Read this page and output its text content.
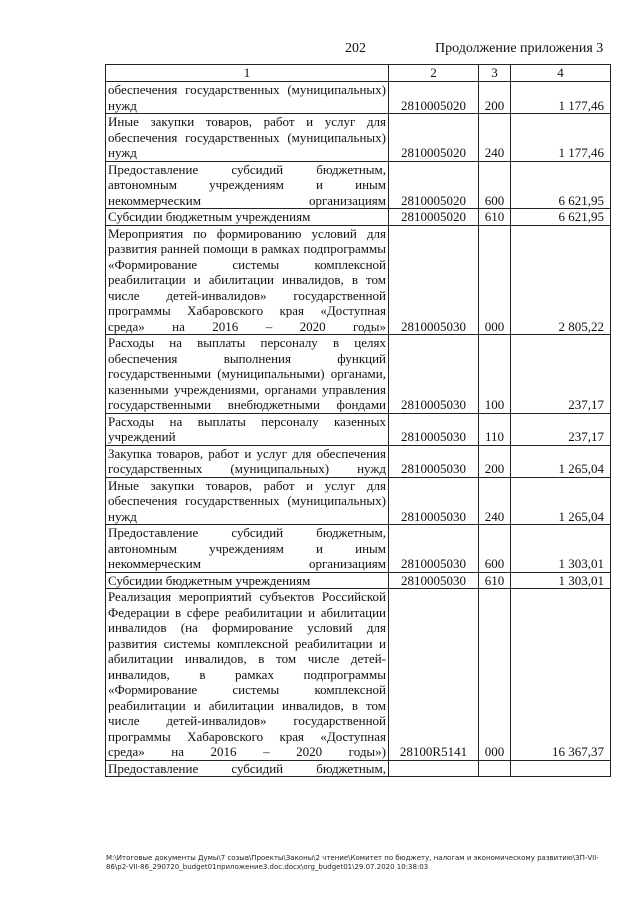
202	Продолжение приложения 3
1	2	3	4
обеспечения государственных (муниципальных) нужд	2810005020	200	1 177,46
Иные закупки товаров, работ и услуг для обеспечения государственных (муниципальных) нужд	2810005020	240	1 177,46
Предоставление субсидий бюджетным, автономным учреждениям и иным некоммерческим организациям	2810005020	600	6 621,95
Субсидии бюджетным учреждениям	2810005020	610	6 621,95
Мероприятия по формированию условий для развития ранней помощи в рамках подпрограммы «Формирование системы комплексной реабилитации и абилитации инвалидов, в том числе детей-инвалидов» государственной программы Хабаровского края «Доступная среда» на 2016 – 2020 годы»	2810005030	000	2 805,22
Расходы на выплаты персоналу в целях обеспечения выполнения функций государственными (муниципальными) органами, казенными учреждениями, органами управления государственными внебюджетными фондами	2810005030	100	237,17
Расходы на выплаты персоналу казенных учреждений	2810005030	110	237,17
Закупка товаров, работ и услуг для обеспечения государственных (муниципальных) нужд	2810005030	200	1 265,04
Иные закупки товаров, работ и услуг для обеспечения государственных (муниципальных) нужд	2810005030	240	1 265,04
Предоставление субсидий бюджетным, автономным учреждениям и иным некоммерческим организациям	2810005030	600	1 303,01
Субсидии бюджетным учреждениям	2810005030	610	1 303,01
Реализация мероприятий субъектов Российской Федерации в сфере реабилитации и абилитации инвалидов (на формирование условий для развития системы комплексной реабилитации и абилитации инвалидов, в том числе детей-инвалидов, в рамках подпрограммы «Формирование системы комплексной реабилитации и абилитации инвалидов, в том числе детей-инвалидов» государственной программы Хабаровского края «Доступная среда» на 2016 – 2020 годы»)	28100R5141	000	16 367,37
Предоставление субсидий бюджетным,			
М:\Итоговые документы Думы\7 созыв\Проекты\Законы\2 чтение\Комитет по бюджету, налогам и экономическому развитию\ЗП-VII-86\р2-VII-86_290720_budget01приложение3.doc.docx\org_budget01\29.07.2020 10:38:03
